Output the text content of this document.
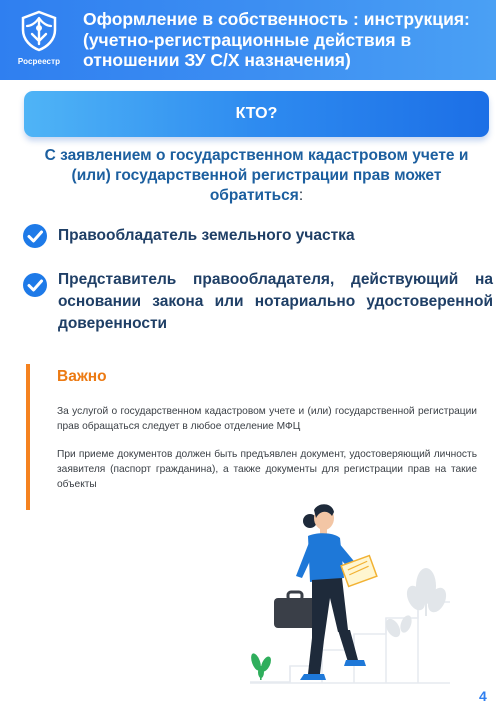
Росреестр
Оформление в собственность : инструкция: (учетно-регистрационные действия в отношении ЗУ С/Х назначения)
КТО?
С заявлением о государственном кадастровом учете и (или) государственной регистрации прав может обратиться:
Правообладатель земельного участка
Представитель правообладателя, действующий на основании закона или нотариально удостоверенной доверенности
Важно
За услугой о государственном кадастровом учете и (или) государственной регистрации прав обращаться следует в любое отделение МФЦ
При приеме документов должен быть предъявлен документ, удостоверяющий личность заявителя (паспорт гражданина), а также документы для регистрации прав на такие объекты
4
